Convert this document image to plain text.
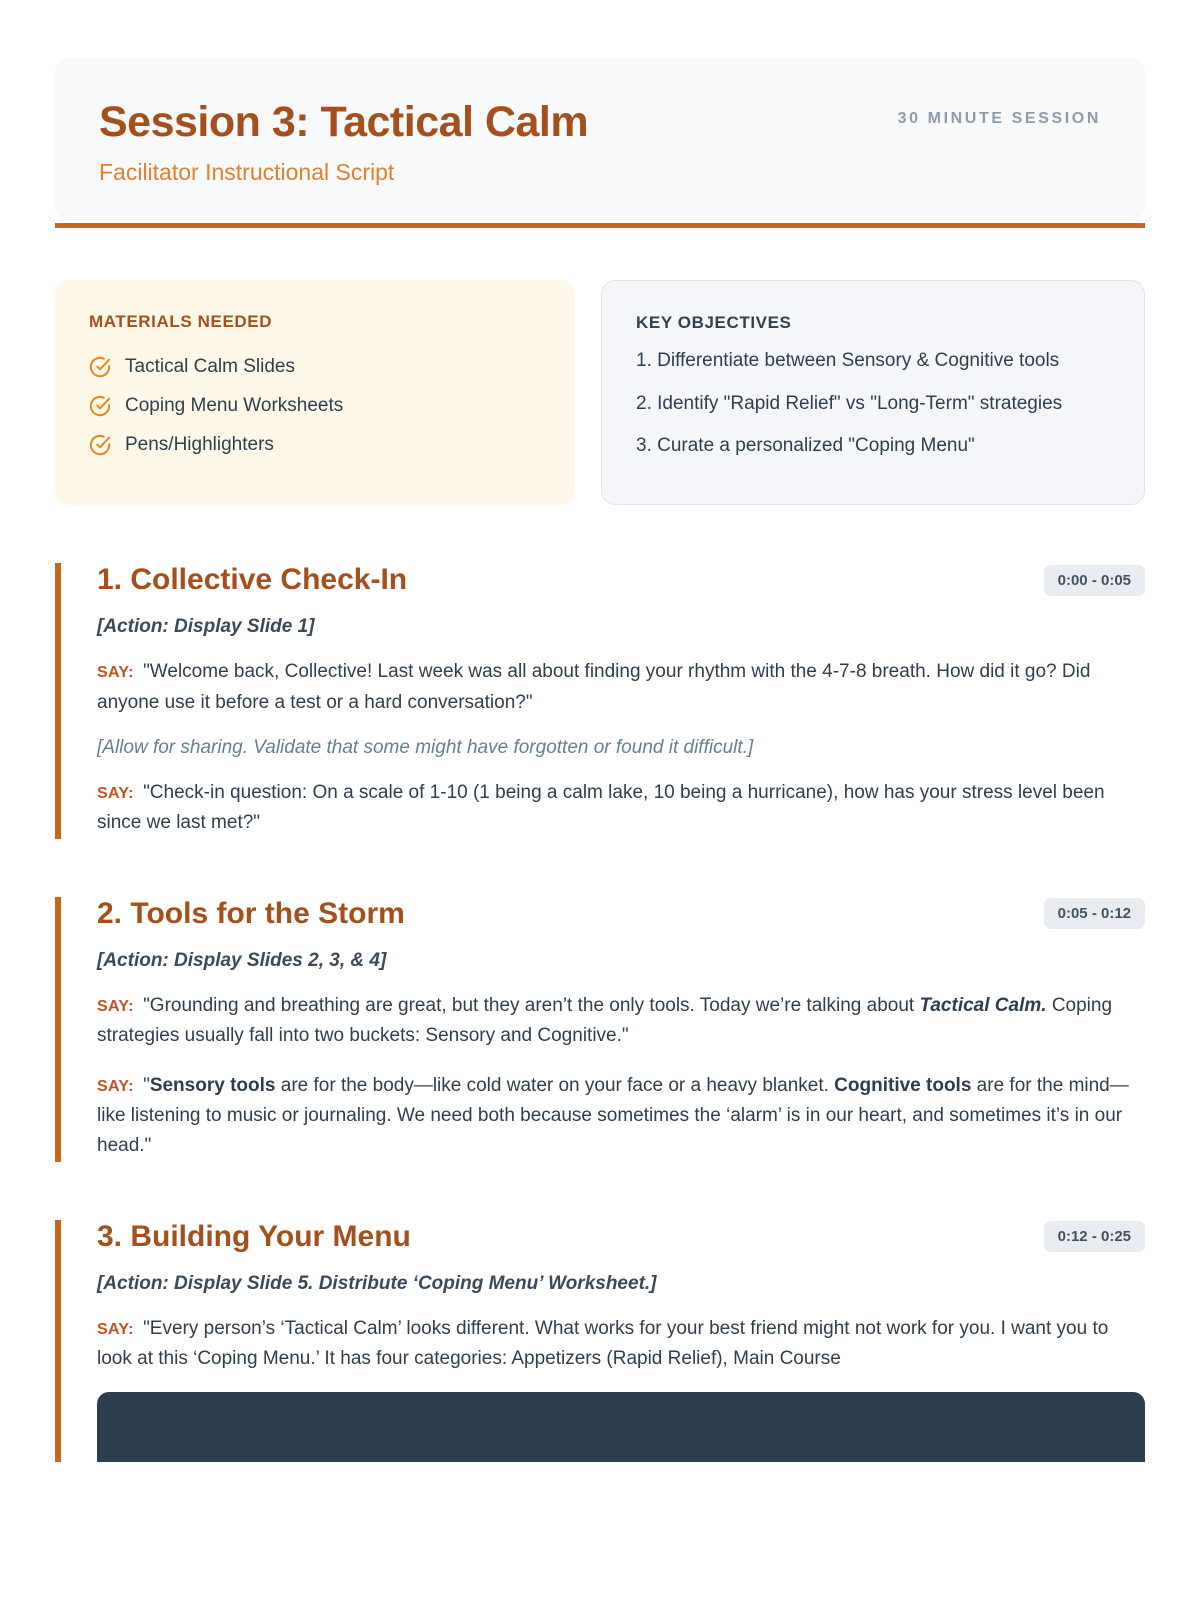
Session 3: Tactical Calm	30 MINUTE SESSION
Facilitator Instructional Script
MATERIALS NEEDED
Tactical Calm Slides
Coping Menu Worksheets
Pens/Highlighters
KEY OBJECTIVES
1. Differentiate between Sensory & Cognitive tools
2. Identify "Rapid Relief" vs "Long-Term" strategies
3. Curate a personalized "Coping Menu"
1. Collective Check-In	0:00 - 0:05

[Action: Display Slide 1]

SAY: "Welcome back, Collective! Last week was all about finding your rhythm with the 4-7-8 breath. How did it go? Did anyone use it before a test or a hard conversation?"

[Allow for sharing. Validate that some might have forgotten or found it difficult.]

SAY: "Check-in question: On a scale of 1-10 (1 being a calm lake, 10 being a hurricane), how has your stress level been since we last met?"

2. Tools for the Storm	0:05 - 0:12

[Action: Display Slides 2, 3, & 4]

SAY: "Grounding and breathing are great, but they aren’t the only tools. Today we’re talking about Tactical Calm. Coping strategies usually fall into two buckets: Sensory and Cognitive."

SAY: "Sensory tools are for the body—like cold water on your face or a heavy blanket. Cognitive tools are for the mind—like listening to music or journaling. We need both because sometimes the ‘alarm’ is in our heart, and sometimes it’s in our head."

3. Building Your Menu	0:12 - 0:25

[Action: Display Slide 5. Distribute ‘Coping Menu’ Worksheet.]

SAY: "Every person’s ‘Tactical Calm’ looks different. What works for your best friend might not work for you. I want you to look at this ‘Coping Menu.’ It has four categories: Appetizers (Rapid Relief), Main Course
